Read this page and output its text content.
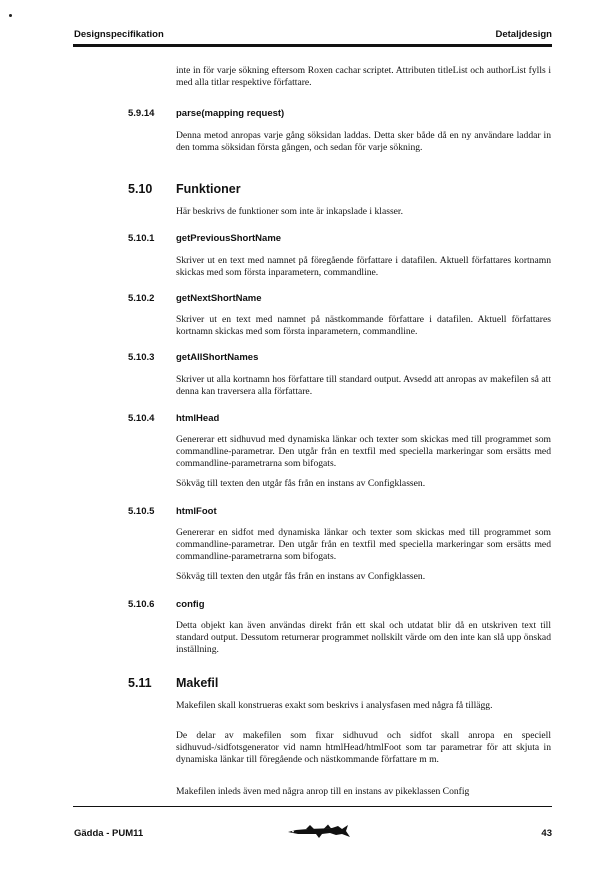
Designspecifikation	Detaljdesign

inte in för varje sökning eftersom Roxen cachar scriptet. Attributen titleList och authorList fylls i med alla titlar respektive författare.

5.9.14 parse(mapping request)

Denna metod anropas varje gång söksidan laddas. Detta sker både då en ny användare laddar in den tomma söksidan första gången, och sedan för varje sökning.

5.10 Funktioner

Här beskrivs de funktioner som inte är inkapslade i klasser.

5.10.1 getPreviousShortName

Skriver ut en text med namnet på föregående författare i datafilen. Aktuell författares kortnamn skickas med som första inparametern, commandline.

5.10.2 getNextShortName

Skriver ut en text med namnet på nästkommande författare i datafilen. Aktuell författares kortnamn skickas med som första inparametern, commandline.

5.10.3 getAllShortNames

Skriver ut alla kortnamn hos författare till standard output. Avsedd att anropas av makefilen så att denna kan traversera alla författare.

5.10.4 htmlHead

Genererar ett sidhuvud med dynamiska länkar och texter som skickas med till programmet som commandline-parametrar. Den utgår från en textfil med speciella markeringar som ersätts med commandline-parametrarna som bifogats.

Sökväg till texten den utgår fås från en instans av Configklassen.

5.10.5 htmlFoot

Genererar en sidfot med dynamiska länkar och texter som skickas med till programmet som commandline-parametrar. Den utgår från en textfil med speciella markeringar som ersätts med commandline-parametrarna som bifogats.

Sökväg till texten den utgår fås från en instans av Configklassen.

5.10.6 config

Detta objekt kan även användas direkt från ett skal och utdatat blir då en utskriven text till standard output. Dessutom returnerar programmet nollskilt värde om den inte kan slå upp önskad inställning.

5.11 Makefil

Makefilen skall konstrueras exakt som beskrivs i analysfasen med några få tillägg.

De delar av makefilen som fixar sidhuvud och sidfot skall anropa en speciell sidhuvud-/sidfotsgenerator vid namn htmlHead/htmlFoot som tar parametrar för att skjuta in dynamiska länkar till föregående och nästkommande författare m m.

Makefilen inleds även med några anrop till en instans av pikeklassen Config

Gädda - PUM11	43
